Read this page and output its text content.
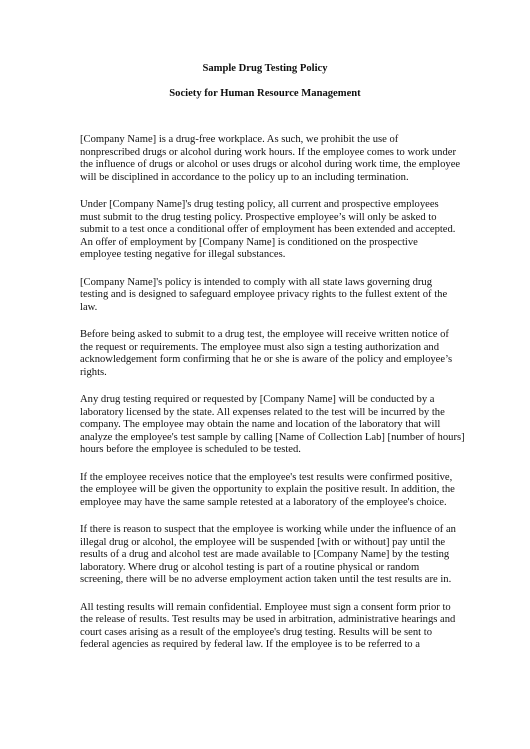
Sample Drug Testing Policy
Society for Human Resource Management

[Company Name] is a drug-free workplace. As such, we prohibit the use of
nonprescribed drugs or alcohol during work hours. If the employee comes to work under
the influence of drugs or alcohol or uses drugs or alcohol during work time, the employee
will be disciplined in accordance to the policy up to an including termination.

Under [Company Name]'s drug testing policy, all current and prospective employees
must submit to the drug testing policy. Prospective employee’s will only be asked to
submit to a test once a conditional offer of employment has been extended and accepted.
An offer of employment by [Company Name] is conditioned on the prospective
employee testing negative for illegal substances.

[Company Name]'s policy is intended to comply with all state laws governing drug
testing and is designed to safeguard employee privacy rights to the fullest extent of the
law.

Before being asked to submit to a drug test, the employee will receive written notice of
the request or requirements. The employee must also sign a testing authorization and
acknowledgement form confirming that he or she is aware of the policy and employee’s
rights.

Any drug testing required or requested by [Company Name] will be conducted by a
laboratory licensed by the state. All expenses related to the test will be incurred by the
company. The employee may obtain the name and location of the laboratory that will
analyze the employee's test sample by calling [Name of Collection Lab] [number of hours]
hours before the employee is scheduled to be tested.

If the employee receives notice that the employee's test results were confirmed positive,
the employee will be given the opportunity to explain the positive result. In addition, the
employee may have the same sample retested at a laboratory of the employee's choice.

If there is reason to suspect that the employee is working while under the influence of an
illegal drug or alcohol, the employee will be suspended [with or without] pay until the
results of a drug and alcohol test are made available to [Company Name] by the testing
laboratory. Where drug or alcohol testing is part of a routine physical or random
screening, there will be no adverse employment action taken until the test results are in.

All testing results will remain confidential. Employee must sign a consent form prior to
the release of results. Test results may be used in arbitration, administrative hearings and
court cases arising as a result of the employee's drug testing. Results will be sent to
federal agencies as required by federal law. If the employee is to be referred to a
